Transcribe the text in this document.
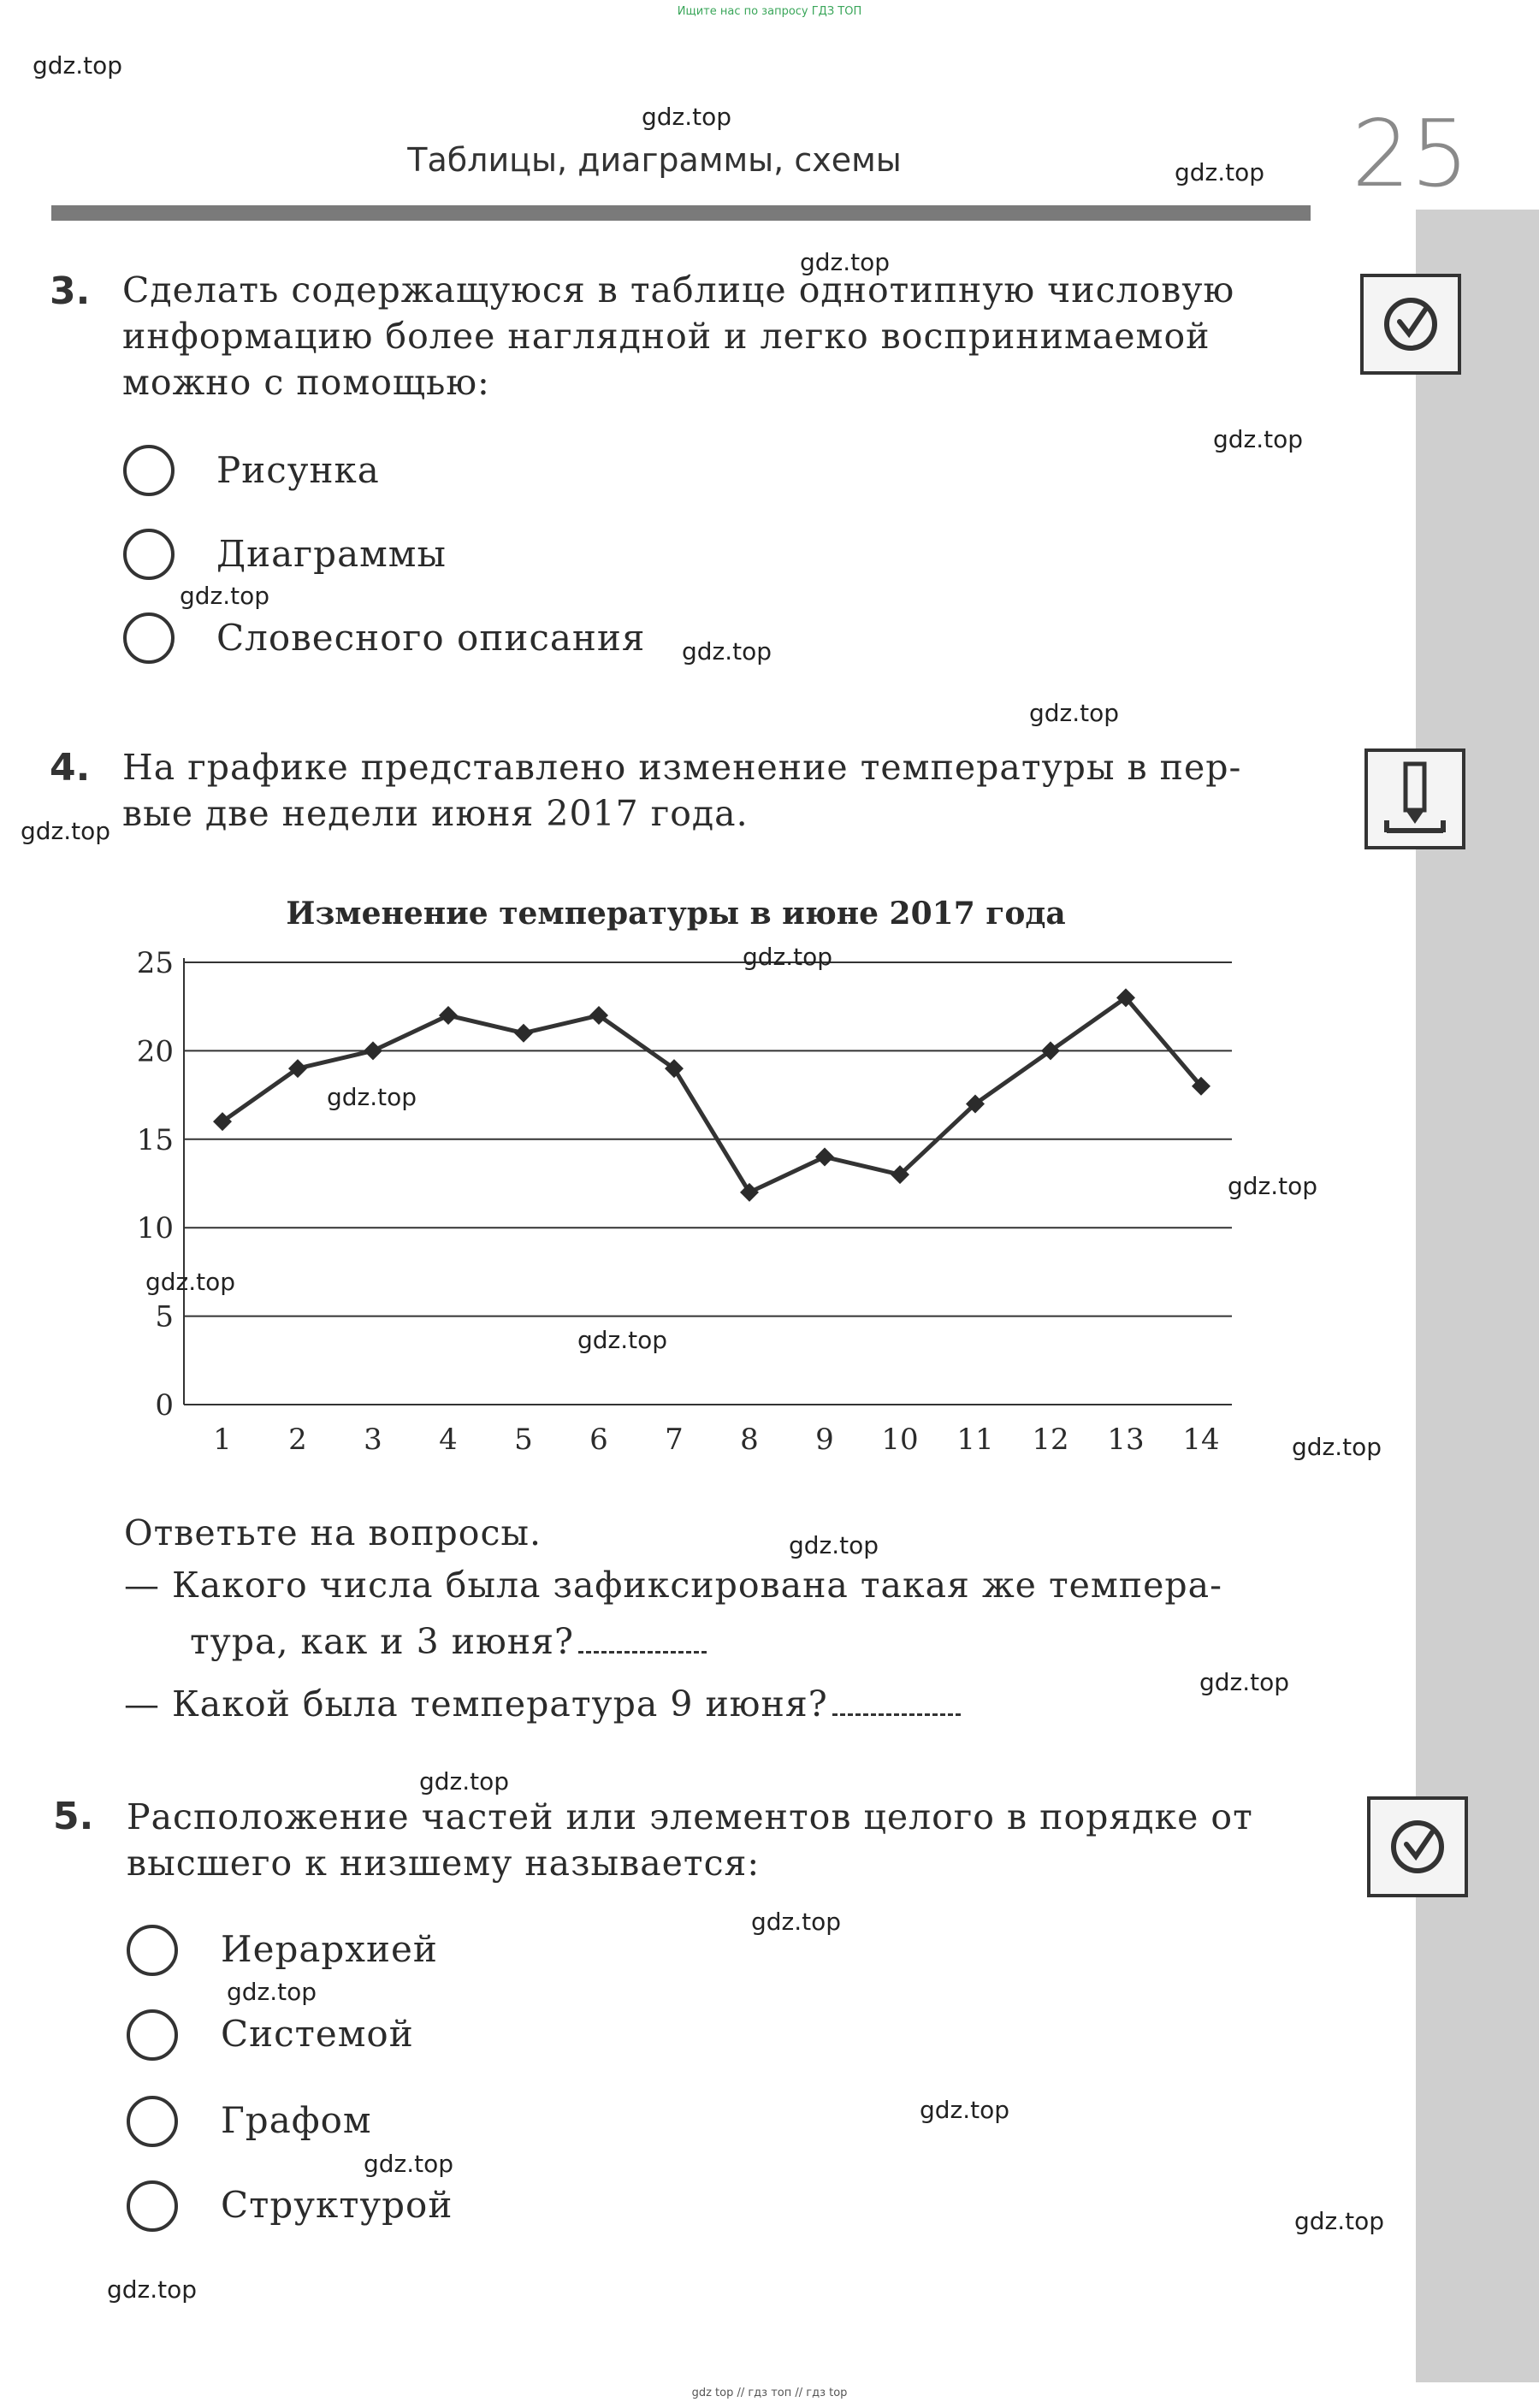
Ищите нас по запросу ГДЗ ТОП
gdz top // гдз топ // гдз top
Таблицы, диаграммы, схемы	25
3. Сделать содержащуюся в таблице однотипную числовую
информацию более наглядной и легко воспринимаемой
можно с помощью:
Рисунка
Диаграммы
Словесного описания
4. На графике представлено изменение температуры в пер-
вые две недели июня 2017 года.
Изменение температуры в июне 2017 года
0
5
10
15
20
25
1 2 3 4 5 6 7 8 9 10 11 12 13 14
Ответьте на вопросы.
— Какого числа была зафиксирована такая же темпера-
тура, как и 3 июня?
— Какой была температура 9 июня?
5. Расположение частей или элементов целого в порядке от
высшего к низшему называется:
Иерархией
Системой
Графом
Структурой
gdz.top
gdz.top
gdz.top
gdz.top
gdz.top
gdz.top
gdz.top
gdz.top
gdz.top
gdz.top
gdz.top
gdz.top
gdz.top
gdz.top
gdz.top
gdz.top
gdz.top
gdz.top
gdz.top
gdz.top
gdz.top
gdz.top
gdz.top
gdz.top
